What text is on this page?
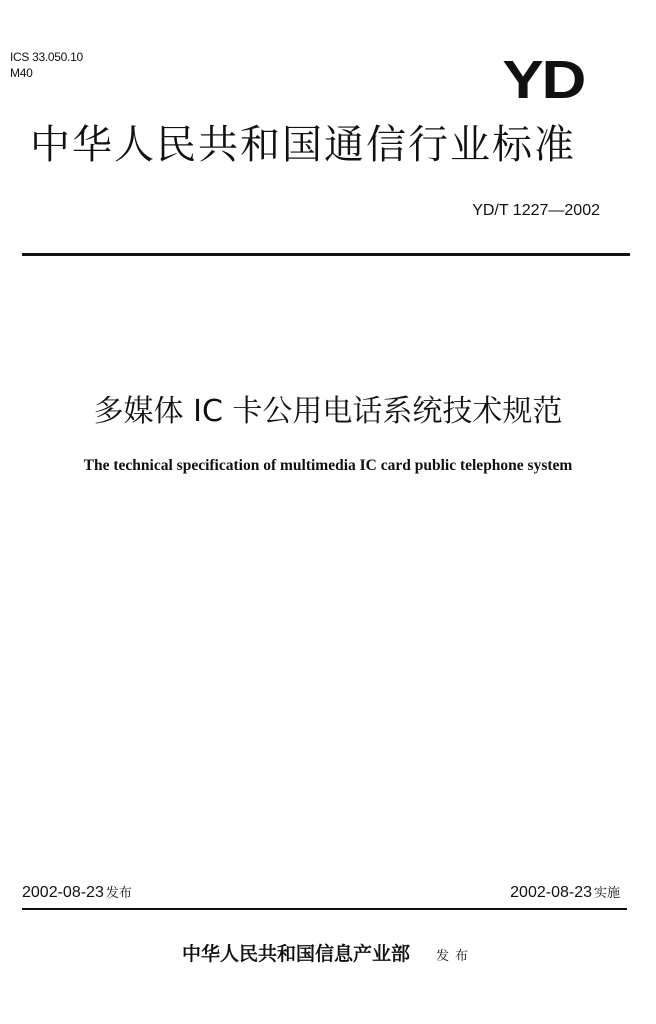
ICS 33.050.10
M40	YD
中华人民共和国通信行业标准
YD/T 1227—2002
多媒体 IC 卡公用电话系统技术规范
The technical specification of multimedia IC card public telephone system
2002-08-23 发布	2002-08-23 实施
中华人民共和国信息产业部 发布
